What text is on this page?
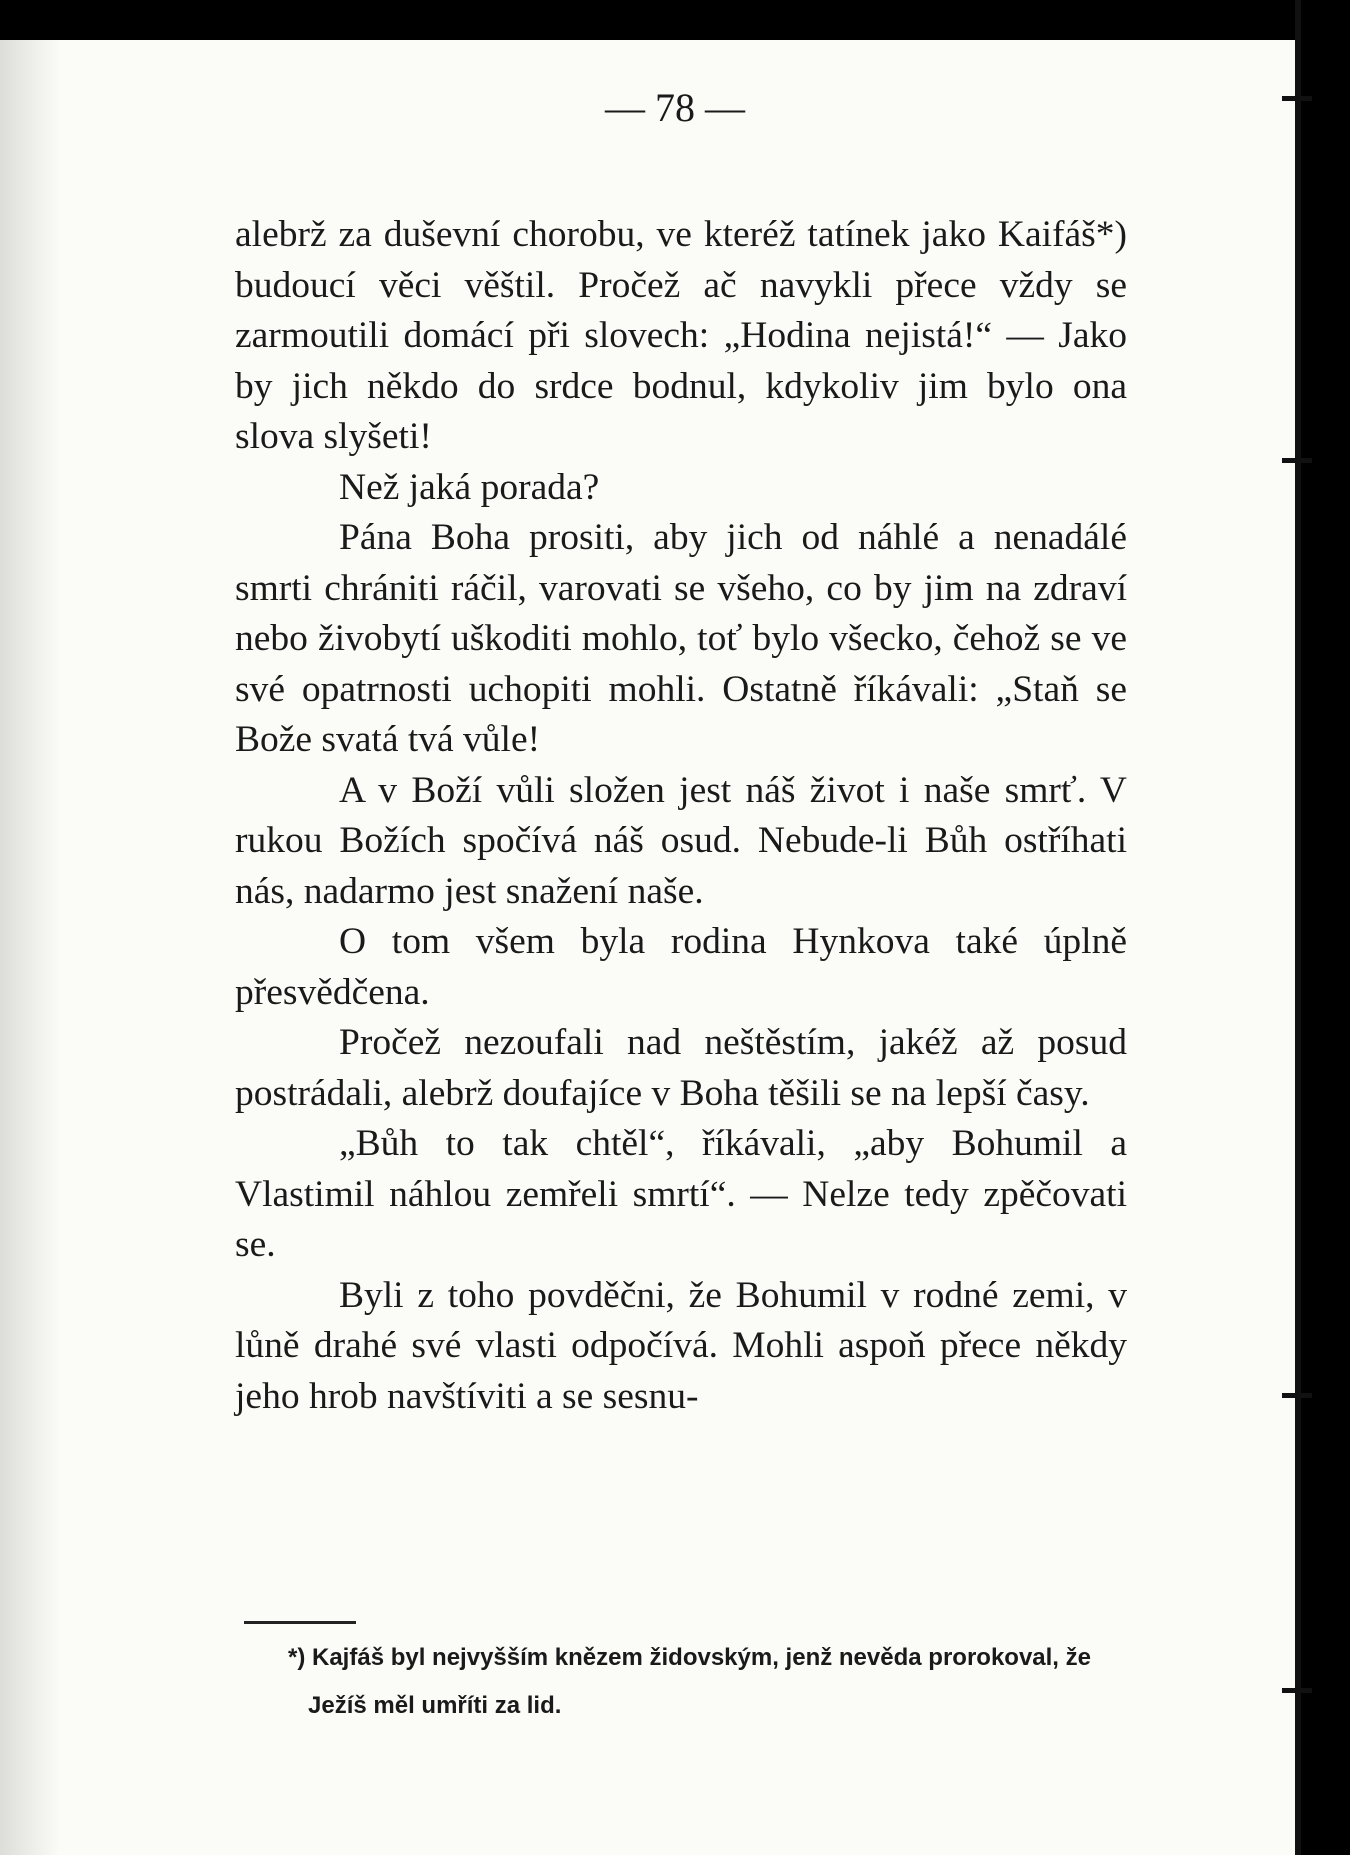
— 78 —

alebrž za duševní chorobu, ve kteréž tatínek jako Kaifáš*) budoucí věci věštil. Pročež ač navykli přece vždy se zarmoutili domácí při slovech: „Hodina nejistá!“ — Jako by jich někdo do srdce bodnul, kdykoliv jim bylo ona slova slyšeti!

Než jaká porada?

Pána Boha prositi, aby jich od náhlé a nenadálé smrti chrániti ráčil, varovati se všeho, co by jim na zdraví nebo živobytí uškoditi mohlo, toť bylo všecko, čehož se ve své opatrnosti uchopiti mohli. Ostatně říkávali: „Staň se Bože svatá tvá vůle!

A v Boží vůli složen jest náš život i naše smrť. V rukou Božích spočívá náš osud. Nebude-li Bůh ostříhati nás, nadarmo jest snažení naše.

O tom všem byla rodina Hynkova také úplně přesvědčena.

Pročež nezoufali nad neštěstím, jakéž až posud postrádali, alebrž doufajíce v Boha těšili se na lepší časy.

„Bůh to tak chtěl“, říkávali, „aby Bohumil a Vlastimil náhlou zemřeli smrtí“. — Nelze tedy zpěčovati se.

Byli z toho povděčni, že Bohumil v rodné zemi, v lůně drahé své vlasti odpočívá. Mohli aspoň přece někdy jeho hrob navštíviti a se sesnu-

*) Kajfáš byl nejvyšším knězem židovským, jenž nevěda prorokoval, že Ježíš měl umříti za lid.
